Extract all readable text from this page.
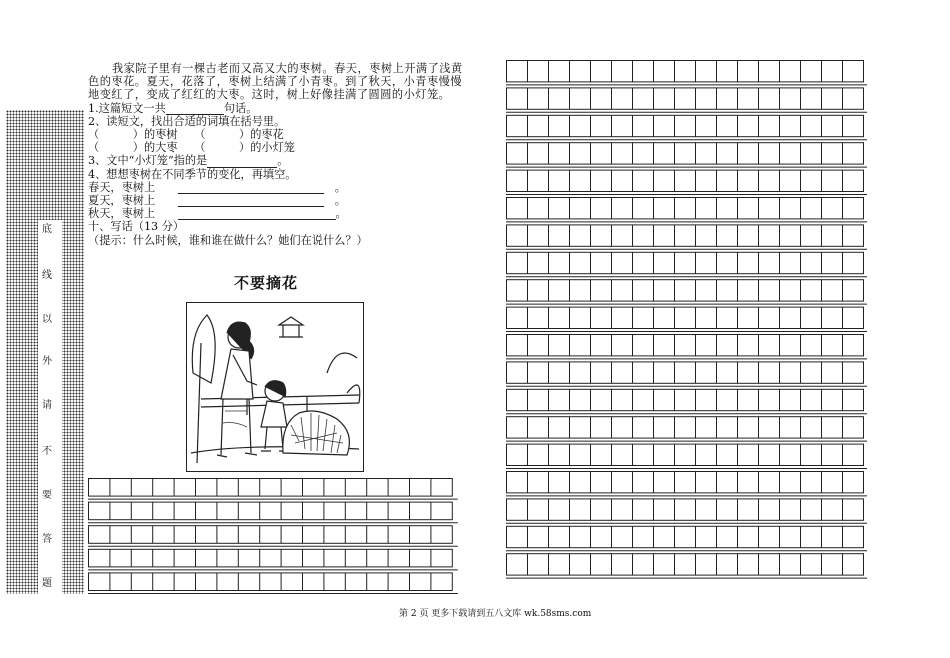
底
线
以
外
请
不
要
答
题
我家院子里有一棵古老而又高又大的枣树。春天，枣树上开满了浅黄色的枣花。夏天，花落了，枣树上结满了小青枣。到了秋天，小青枣慢慢地变红了，变成了红红的大枣。这时，树上好像挂满了圆圆的小灯笼。
1.这篇短文一共	句话。
2、读短文，找出合适的词填在括号里。
（　　　）的枣树　　（　　　）的枣花
（　　　）的大枣　　（　　　）的小灯笼
3、文中“小灯笼”指的是	。
4、想想枣树在不同季节的变化，再填空。
春天，枣树上　　　	。
夏天，枣树上　　　	。
秋天，枣树上　　	。
十、写话（13 分）
（提示：什么时候，谁和谁在做什么？她们在说什么？）
不要摘花
第 2 页 更多下载请到五八文库 wk.58sms.com
